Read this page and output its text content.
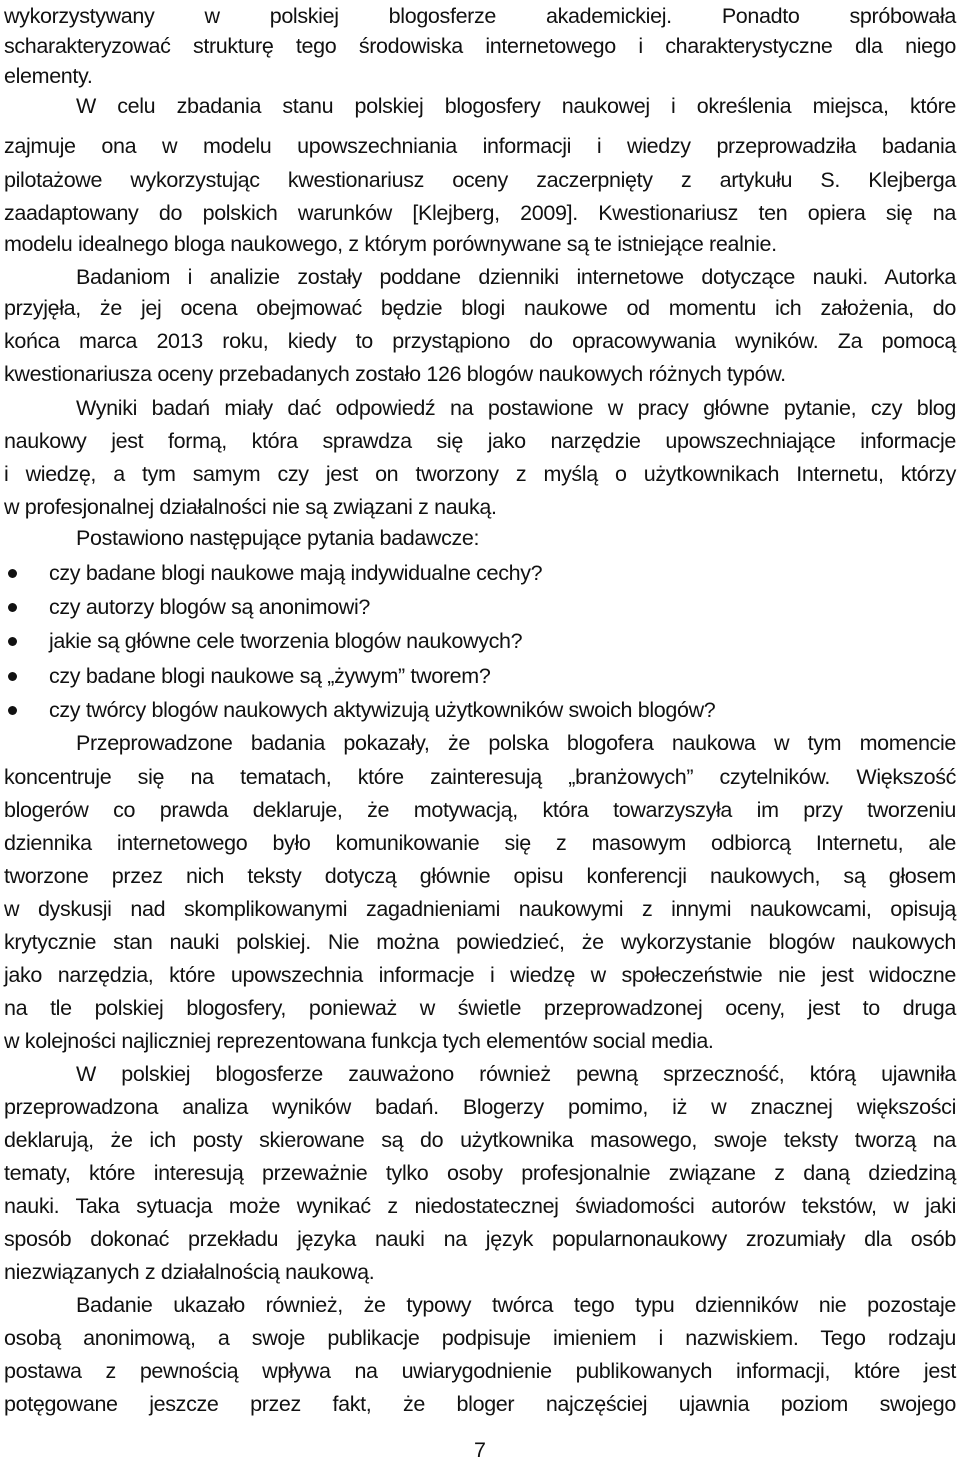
wykorzystywany w polskiej blogosferze akademickiej. Ponadto spróbowała
scharakteryzować strukturę tego środowiska internetowego i charakterystyczne dla niego
elementy.
W celu zbadania stanu polskiej blogosfery naukowej i określenia miejsca, które
zajmuje ona w modelu upowszechniania informacji i wiedzy przeprowadziła badania
pilotażowe wykorzystując kwestionariusz oceny zaczerpnięty z artykułu S. Klejberga
zaadaptowany do polskich warunków [Klejberg, 2009]. Kwestionariusz ten opiera się na
modelu idealnego bloga naukowego, z którym porównywane są te istniejące realnie.
Badaniom i analizie zostały poddane dzienniki internetowe dotyczące nauki. Autorka
przyjęła, że jej ocena obejmować będzie blogi naukowe od momentu ich założenia, do
końca marca 2013 roku, kiedy to przystąpiono do opracowywania wyników. Za pomocą
kwestionariusza oceny przebadanych zostało 126 blogów naukowych różnych typów.
Wyniki badań miały dać odpowiedź na postawione w pracy główne pytanie, czy blog
naukowy jest formą, która sprawdza się jako narzędzie upowszechniające informacje
i wiedzę, a tym samym czy jest on tworzony z myślą o użytkownikach Internetu, którzy
w profesjonalnej działalności nie są związani z nauką.
Postawiono następujące pytania badawcze:
czy badane blogi naukowe mają indywidualne cechy?
czy autorzy blogów są anonimowi?
jakie są główne cele tworzenia blogów naukowych?
czy badane blogi naukowe są „żywym” tworem?
czy twórcy blogów naukowych aktywizują użytkowników swoich blogów?
Przeprowadzone badania pokazały, że polska blogofera naukowa w tym momencie
koncentruje się na tematach, które zainteresują „branżowych” czytelników. Większość
blogerów co prawda deklaruje, że motywacją, która towarzyszyła im przy tworzeniu
dziennika internetowego było komunikowanie się z masowym odbiorcą Internetu, ale
tworzone przez nich teksty dotyczą głównie opisu konferencji naukowych, są głosem
w dyskusji nad skomplikowanymi zagadnieniami naukowymi z innymi naukowcami, opisują
krytycznie stan nauki polskiej. Nie można powiedzieć, że wykorzystanie blogów naukowych
jako narzędzia, które upowszechnia informacje i wiedzę w społeczeństwie nie jest widoczne
na tle polskiej blogosfery, ponieważ w świetle przeprowadzonej oceny, jest to druga
w kolejności najliczniej reprezentowana funkcja tych elementów social media.
W polskiej blogosferze zauważono również pewną sprzeczność, którą ujawniła
przeprowadzona analiza wyników badań. Blogerzy pomimo, iż w znacznej większości
deklarują, że ich posty skierowane są do użytkownika masowego, swoje teksty tworzą na
tematy, które interesują przeważnie tylko osoby profesjonalnie związane z daną dziedziną
nauki. Taka sytuacja może wynikać z niedostatecznej świadomości autorów tekstów, w jaki
sposób dokonać przekładu języka nauki na język popularnonaukowy zrozumiały dla osób
niezwiązanych z działalnością naukową.
Badanie ukazało również, że typowy twórca tego typu dzienników nie pozostaje
osobą anonimową, a swoje publikacje podpisuje imieniem i nazwiskiem. Tego rodzaju
postawa z pewnością wpływa na uwiarygodnienie publikowanych informacji, które jest
potęgowane jeszcze przez fakt, że bloger najczęściej ujawnia poziom swojego
7
